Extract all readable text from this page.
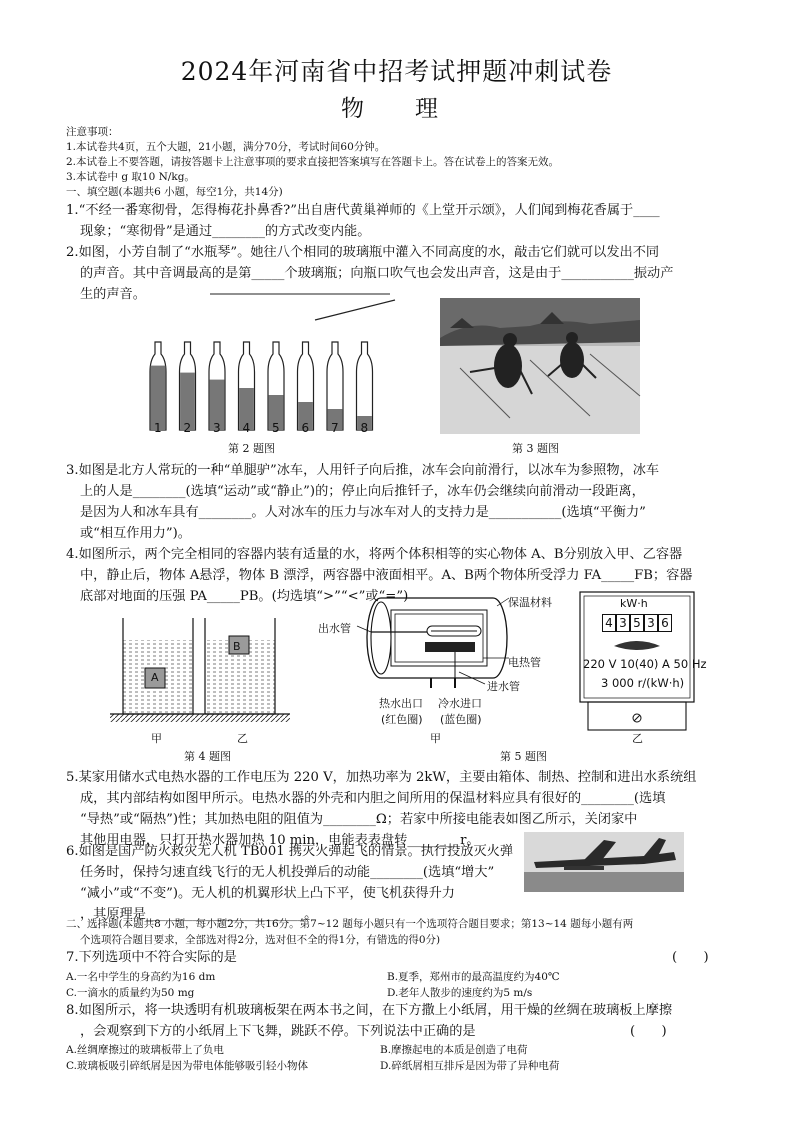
2024年河南省中招考试押题冲刺试卷
物　理
注意事项：
1.本试卷共4页，五个大题，21小题，满分70分，考试时间60分钟。
2.本试卷上不要答题，请按答题卡上注意事项的要求直接把答案填写在答题卡上。答在试卷上的答案无效。
3.本试卷中 g 取10 N/kg。
一、填空题(本题共6 小题，每空1分，共14分)
1.“不经一番寒彻骨，怎得梅花扑鼻香?”出自唐代黄巢禅师的《上堂开示颂》，人们闻到梅花香属于____
现象；“寒彻骨”是通过________的方式改变内能。
2.如图，小芳自制了“水瓶琴”。她往八个相同的玻璃瓶中灌入不同高度的水，敲击它们就可以发出不同
的声音。其中音调最高的是第_____个玻璃瓶；向瓶口吹气也会发出声音，这是由于___________振动产
生的声音。
1 2 3 4 5 6 7 8
第 2 题图	第 3 题图
3.如图是北方人常玩的一种“单腿驴”冰车，人用钎子向后推，冰车会向前滑行，以冰车为参照物，冰车
上的人是________(选填“运动”或“静止”)的；停止向后推钎子，冰车仍会继续向前滑动一段距离，
是因为人和冰车具有________。人对冰车的压力与冰车对人的支持力是___________(选填“平衡力”
或“相互作用力”)。
4.如图所示，两个完全相同的容器内装有适量的水，将两个体积相等的实心物体 A、B分别放入甲、乙容器
中，静止后，物体 A悬浮，物体 B 漂浮，两容器中液面相平。A、B两个物体所受浮力 FA_____FB；容器
底部对地面的压强 PA_____PB。(均选填“>”“<”或“=”)
A
B
甲	乙
第 4 题图
出水管
保温材料
电热管
进水管
热水出口
(红色圈)
冷水进口
(蓝色圈)
甲
kW·h
4 3 5 3 6
220 V 10(40) A 50 Hz
3 000 r/(kW·h)
乙
第 5 题图
5.某家用储水式电热水器的工作电压为 220 V，加热功率为 2kW，主要由箱体、制热、控制和进出水系统组
成，其内部结构如图甲所示。电热水器的外壳和内胆之间所用的保温材料应具有很好的________(选填
“导热”或“隔热”)性；其加热电阻的阻值为________Ω；若家中所接电能表如图乙所示，关闭家中
其他用电器，只打开热水器加热 10 min，电能表表盘转________r。
6.如图是国产防火救灾无人机 TB001 携灭火弹起飞的情景。执行投放灭火弹
任务时，保持匀速直线飞行的无人机投弹后的动能________(选填“增大”
“减小”或“不变”)。无人机的机翼形状上凸下平，使飞机获得升力
，其原理是________________________。
二、选择题(本题共8 小题，每小题2分，共16分。第7~12 题每小题只有一个选项符合题目要求；第13~14 题每小题有两
个选项符合题目要求，全部选对得2分，选对但不全的得1分，有错选的得0分)
7.下列选项中不符合实际的是	(　　)
A.一名中学生的身高约为16 dm	B.夏季，郑州市的最高温度约为40℃
C.一滴水的质量约为50 mg	D.老年人散步的速度约为5 m/s
8.如图所示，将一块透明有机玻璃板架在两本书之间，在下方撒上小纸屑，用干燥的丝绸在玻璃板上摩擦
，会观察到下方的小纸屑上下飞舞，跳跃不停。下列说法中正确的是	(　　)
A.丝绸摩擦过的玻璃板带上了负电	B.摩擦起电的本质是创造了电荷
C.玻璃板吸引碎纸屑是因为带电体能够吸引轻小物体	D.碎纸屑相互排斥是因为带了异种电荷
